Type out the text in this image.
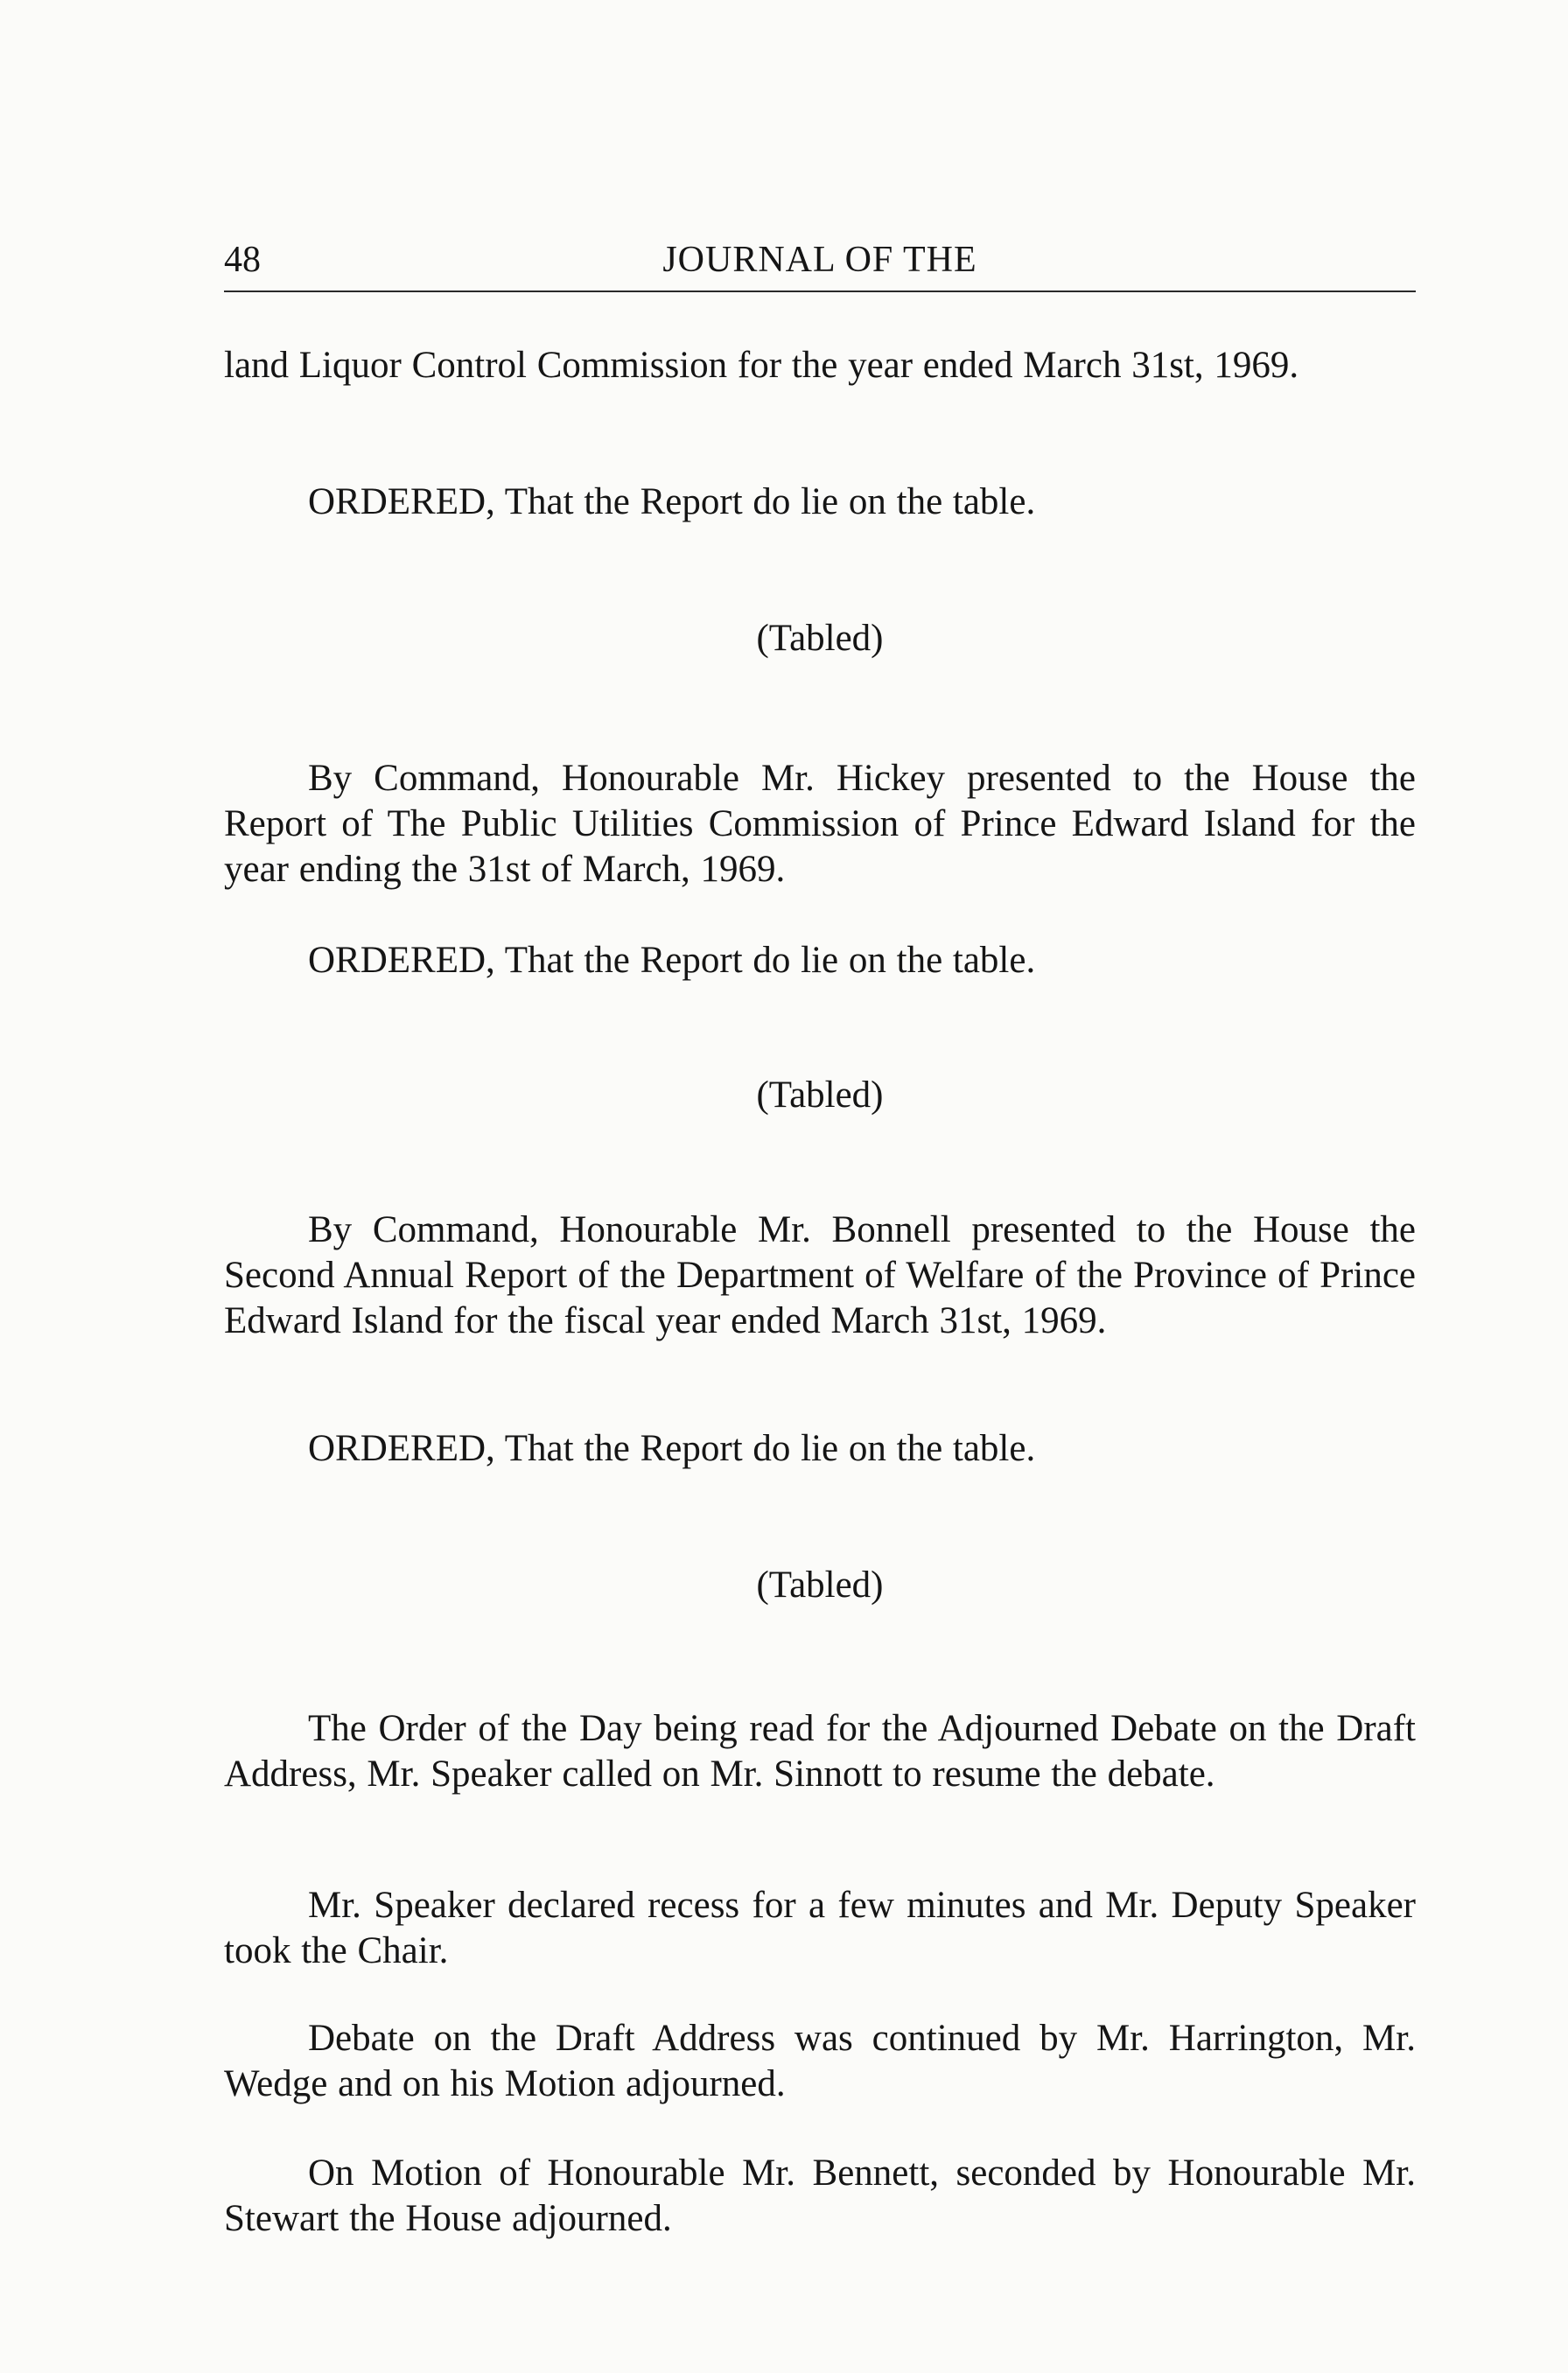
48	JOURNAL OF THE

land Liquor Control Commission for the year ended March 31st, 1969.

ORDERED, That the Report do lie on the table.

(Tabled)

By Command, Honourable Mr. Hickey presented to the House the Report of The Public Utilities Commission of Prince Edward Island for the year ending the 31st of March, 1969.

ORDERED, That the Report do lie on the table.

(Tabled)

By Command, Honourable Mr. Bonnell presented to the House the Second Annual Report of the Department of Welfare of the Province of Prince Edward Island for the fiscal year ended March 31st, 1969.

ORDERED, That the Report do lie on the table.

(Tabled)

The Order of the Day being read for the Adjourned Debate on the Draft Address, Mr. Speaker called on Mr. Sinnott to resume the debate.

Mr. Speaker declared recess for a few minutes and Mr. Deputy Speaker took the Chair.

Debate on the Draft Address was continued by Mr. Harrington, Mr. Wedge and on his Motion adjourned.

On Motion of Honourable Mr. Bennett, seconded by Honourable Mr. Stewart the House adjourned.
